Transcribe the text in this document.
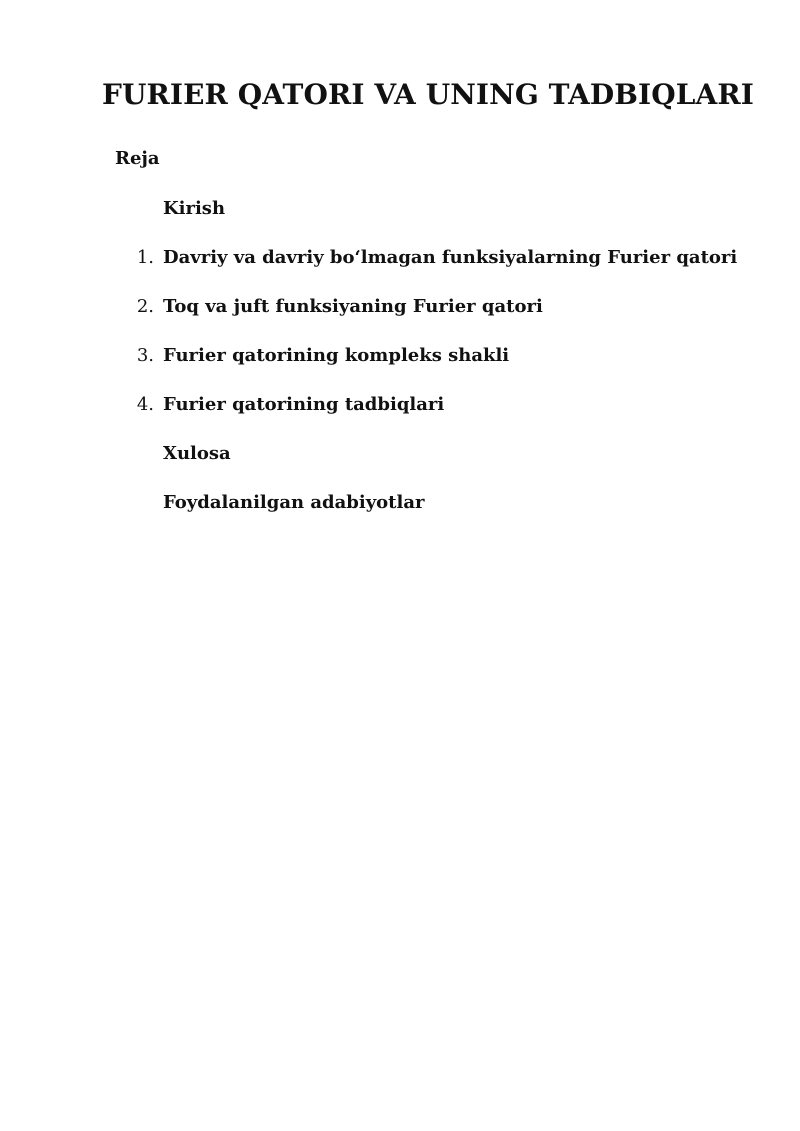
FURIER QATORI VA UNING TADBIQLARI
Reja
Kirish
1. Davriy va davriy boʻlmagan funksiyalarning Furier qatori
2. Toq va juft funksiyaning Furier qatori
3. Furier qatorining kompleks shakli
4. Furier qatorining tadbiqlari
Xulosa
Foydalanilgan adabiyotlar
